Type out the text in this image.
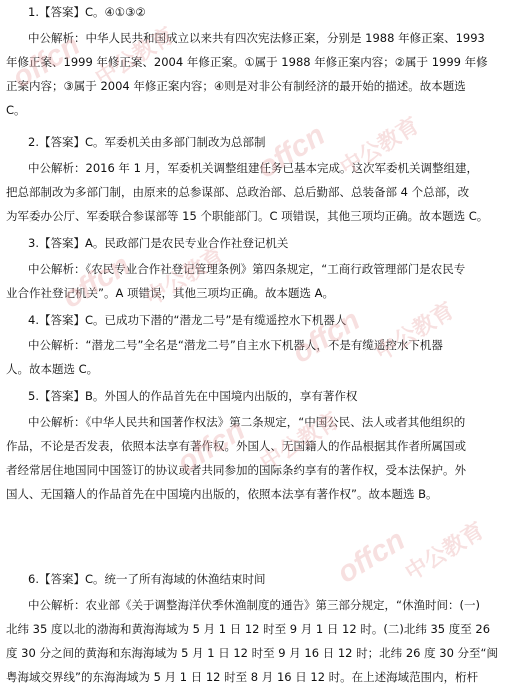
1.【答案】C。④①③②
中公解析：中华人民共和国成立以来共有四次宪法修正案，分别是 1988 年修正案、1993
年修正案、1999 年修正案、2004 年修正案。①属于 1988 年修正案内容；②属于 1999 年修
正案内容；③属于 2004 年修正案内容；④则是对非公有制经济的最开始的描述。故本题选
C。
2.【答案】C。军委机关由多部门制改为总部制
中公解析：2016 年 1 月，军委机关调整组建任务已基本完成。这次军委机关调整组建，
把总部制改为多部门制，由原来的总参谋部、总政治部、总后勤部、总装备部 4 个总部，改
为军委办公厅、军委联合参谋部等 15 个职能部门。C 项错误，其他三项均正确。故本题选 C。
3.【答案】A。民政部门是农民专业合作社登记机关
中公解析：《农民专业合作社登记管理条例》第四条规定，“工商行政管理部门是农民专
业合作社登记机关”。A 项错误，其他三项均正确。故本题选 A。
4.【答案】C。已成功下潜的“潜龙二号”是有缆遥控水下机器人
中公解析：“潜龙二号”全名是“潜龙二号”自主水下机器人，不是有缆遥控水下机器
人。故本题选 C。
5.【答案】B。外国人的作品首先在中国境内出版的，享有著作权
中公解析：《中华人民共和国著作权法》第二条规定，“中国公民、法人或者其他组织的
作品，不论是否发表，依照本法享有著作权。外国人、无国籍人的作品根据其作者所属国或
者经常居住地国同中国签订的协议或者共同参加的国际条约享有的著作权，受本法保护。外
国人、无国籍人的作品首先在中国境内出版的，依照本法享有著作权”。故本题选 B。
6.【答案】C。统一了所有海域的休渔结束时间
中公解析：农业部《关于调整海洋伏季休渔制度的通告》第三部分规定，“休渔时间：(一)
北纬 35 度以北的渤海和黄海海域为 5 月 1 日 12 时至 9 月 1 日 12 时。(二)北纬 35 度至 26
度 30 分之间的黄海和东海海域为 5 月 1 日 12 时至 9 月 16 日 12 时；北纬 26 度 30 分至“闽
粤海域交界线”的东海海域为 5 月 1 日 12 时至 8 月 16 日 12 时。在上述海域范围内，桁杆
offcn 中公教育
offcn 中公教育
offcn 中公教育
offcn 中公教育
offcn 中公教育
offcn
中公教育
